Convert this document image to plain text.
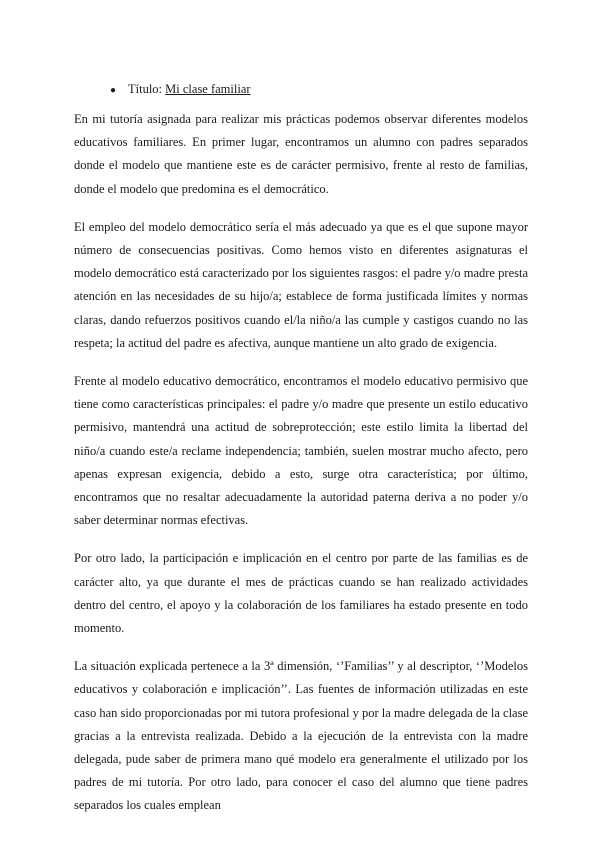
● Título: Mi clase familiar

En mi tutoría asignada para realizar mis prácticas podemos observar diferentes modelos educativos familiares. En primer lugar, encontramos un alumno con padres separados donde el modelo que mantiene este es de carácter permisivo, frente al resto de familias, donde el modelo que predomina es el democrático.

El empleo del modelo democrático sería el más adecuado ya que es el que supone mayor número de consecuencias positivas. Como hemos visto en diferentes asignaturas el modelo democrático está caracterizado por los siguientes rasgos: el padre y/o madre presta atención en las necesidades de su hijo/a; establece de forma justificada límites y normas claras, dando refuerzos positivos cuando el/la niño/a las cumple y castigos cuando no las respeta; la actitud del padre es afectiva, aunque mantiene un alto grado de exigencia.

Frente al modelo educativo democrático, encontramos el modelo educativo permisivo que tiene como características principales: el padre y/o madre que presente un estilo educativo permisivo, mantendrá una actitud de sobreprotección; este estilo limita la libertad del niño/a cuando este/a reclame independencia; también, suelen mostrar mucho afecto, pero apenas expresan exigencia, debido a esto, surge otra característica; por último, encontramos que no resaltar adecuadamente la autoridad paterna deriva a no poder y/o saber determinar normas efectivas.

Por otro lado, la participación e implicación en el centro por parte de las familias es de carácter alto, ya que durante el mes de prácticas cuando se han realizado actividades dentro del centro, el apoyo y la colaboración de los familiares ha estado presente en todo momento.

La situación explicada pertenece a la 3ª dimensión, ‘’Familias’’ y al descriptor, ‘’Modelos educativos y colaboración e implicación’’. Las fuentes de información utilizadas en este caso han sido proporcionadas por mi tutora profesional y por la madre delegada de la clase gracias a la entrevista realizada. Debido a la ejecución de la entrevista con la madre delegada, pude saber de primera mano qué modelo era generalmente el utilizado por los padres de mi tutoría. Por otro lado, para conocer el caso del alumno que tiene padres separados los cuales emplean
